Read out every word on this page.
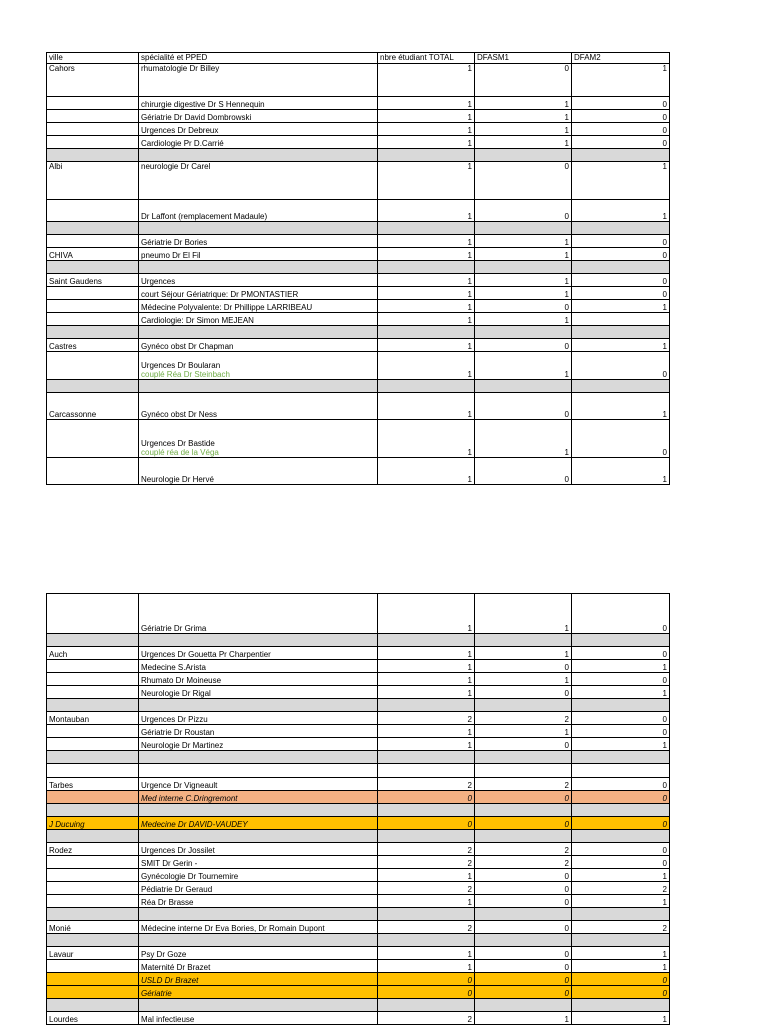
ville	spécialité et PPED	nbre étudiant TOTAL	DFASM1	DFAM2
Cahors	rhumatologie Dr Billey	1	0	1

	chirurgie digestive Dr S Hennequin	1	1	0

	Gériatrie Dr David Dombrowski	1	1	0

	Urgences Dr Debreux	1	1	0

	Cardiologie Pr D.Carrié	1	1	0

Albi	neurologie Dr Carel	1	0	1

	Dr Laffont (remplacement Madaule)	1	0	1

	Gériatrie Dr Bories	1	1	0
CHIVA	pneumo Dr El Fil	1	1	0

Saint Gaudens	Urgences	1	1	0

	court Séjour Gériatrique: Dr PMONTASTIER	1	1	0

	Médecine Polyvalente: Dr Phillippe LARRIBEAU	1	0	1

	Cardiologie: Dr Simon MEJEAN	1	1	

Castres	Gynéco obst Dr Chapman	1	0	1

	Urgences Dr Boularan
couplé Réa Dr Steinbach	1	1	0

Carcassonne	Gynéco obst Dr Ness	1	0	1

	Urgences Dr Bastide
couplé réa de la Véga	1	1	0

	Neurologie Dr Hervé	1	0	1

	Gériatrie Dr Grima	1	1	0

Auch	Urgences Dr Gouetta Pr Charpentier	1	1	0

	Medecine S.Arista	1	0	1

	Rhumato Dr Moineuse	1	1	0

	Neurologie Dr Rigal	1	0	1

Montauban	Urgences Dr Pizzu	2	2	0

	Gériatrie Dr Roustan	1	1	0

	Neurologie Dr Martinez	1	0	1

Tarbes	Urgence Dr Vigneault	2	2	0

	Med interne C.Dringremont	0	0	0

J Ducuing	Medecine Dr DAVID-VAUDEY	0	0	0

Rodez	Urgences Dr Jossilet	2	2	0

	SMIT Dr Gerin -	2	2	0

	Gynécologie Dr Tournemire	1	0	1

	Pédiatrie Dr Geraud	2	0	2

	Réa Dr Brasse	1	0	1

Monié	Médecine interne Dr Eva Bories, Dr Romain Dupont	2	0	2

Lavaur	Psy Dr Goze	1	0	1

	Maternité Dr Brazet	1	0	1

	USLD Dr Brazet	0	0	0

	Gériatrie	0	0	0

Lourdes	Mal infectieuse	2	1	1
